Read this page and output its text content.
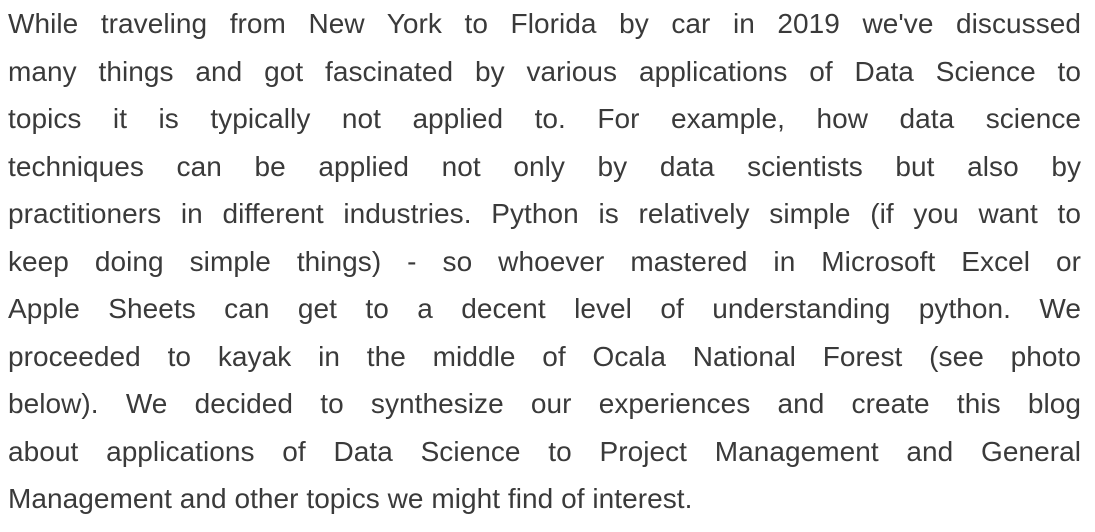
While traveling from New York to Florida by car in 2019 we've discussed
many things and got fascinated by various applications of Data Science to
topics it is typically not applied to. For example, how data science
techniques can be applied not only by data scientists but also by
practitioners in different industries. Python is relatively simple (if you want to
keep doing simple things) - so whoever mastered in Microsoft Excel or
Apple Sheets can get to a decent level of understanding python. We
proceeded to kayak in the middle of Ocala National Forest (see photo
below). We decided to synthesize our experiences and create this blog
about applications of Data Science to Project Management and General
Management and other topics we might find of interest.
